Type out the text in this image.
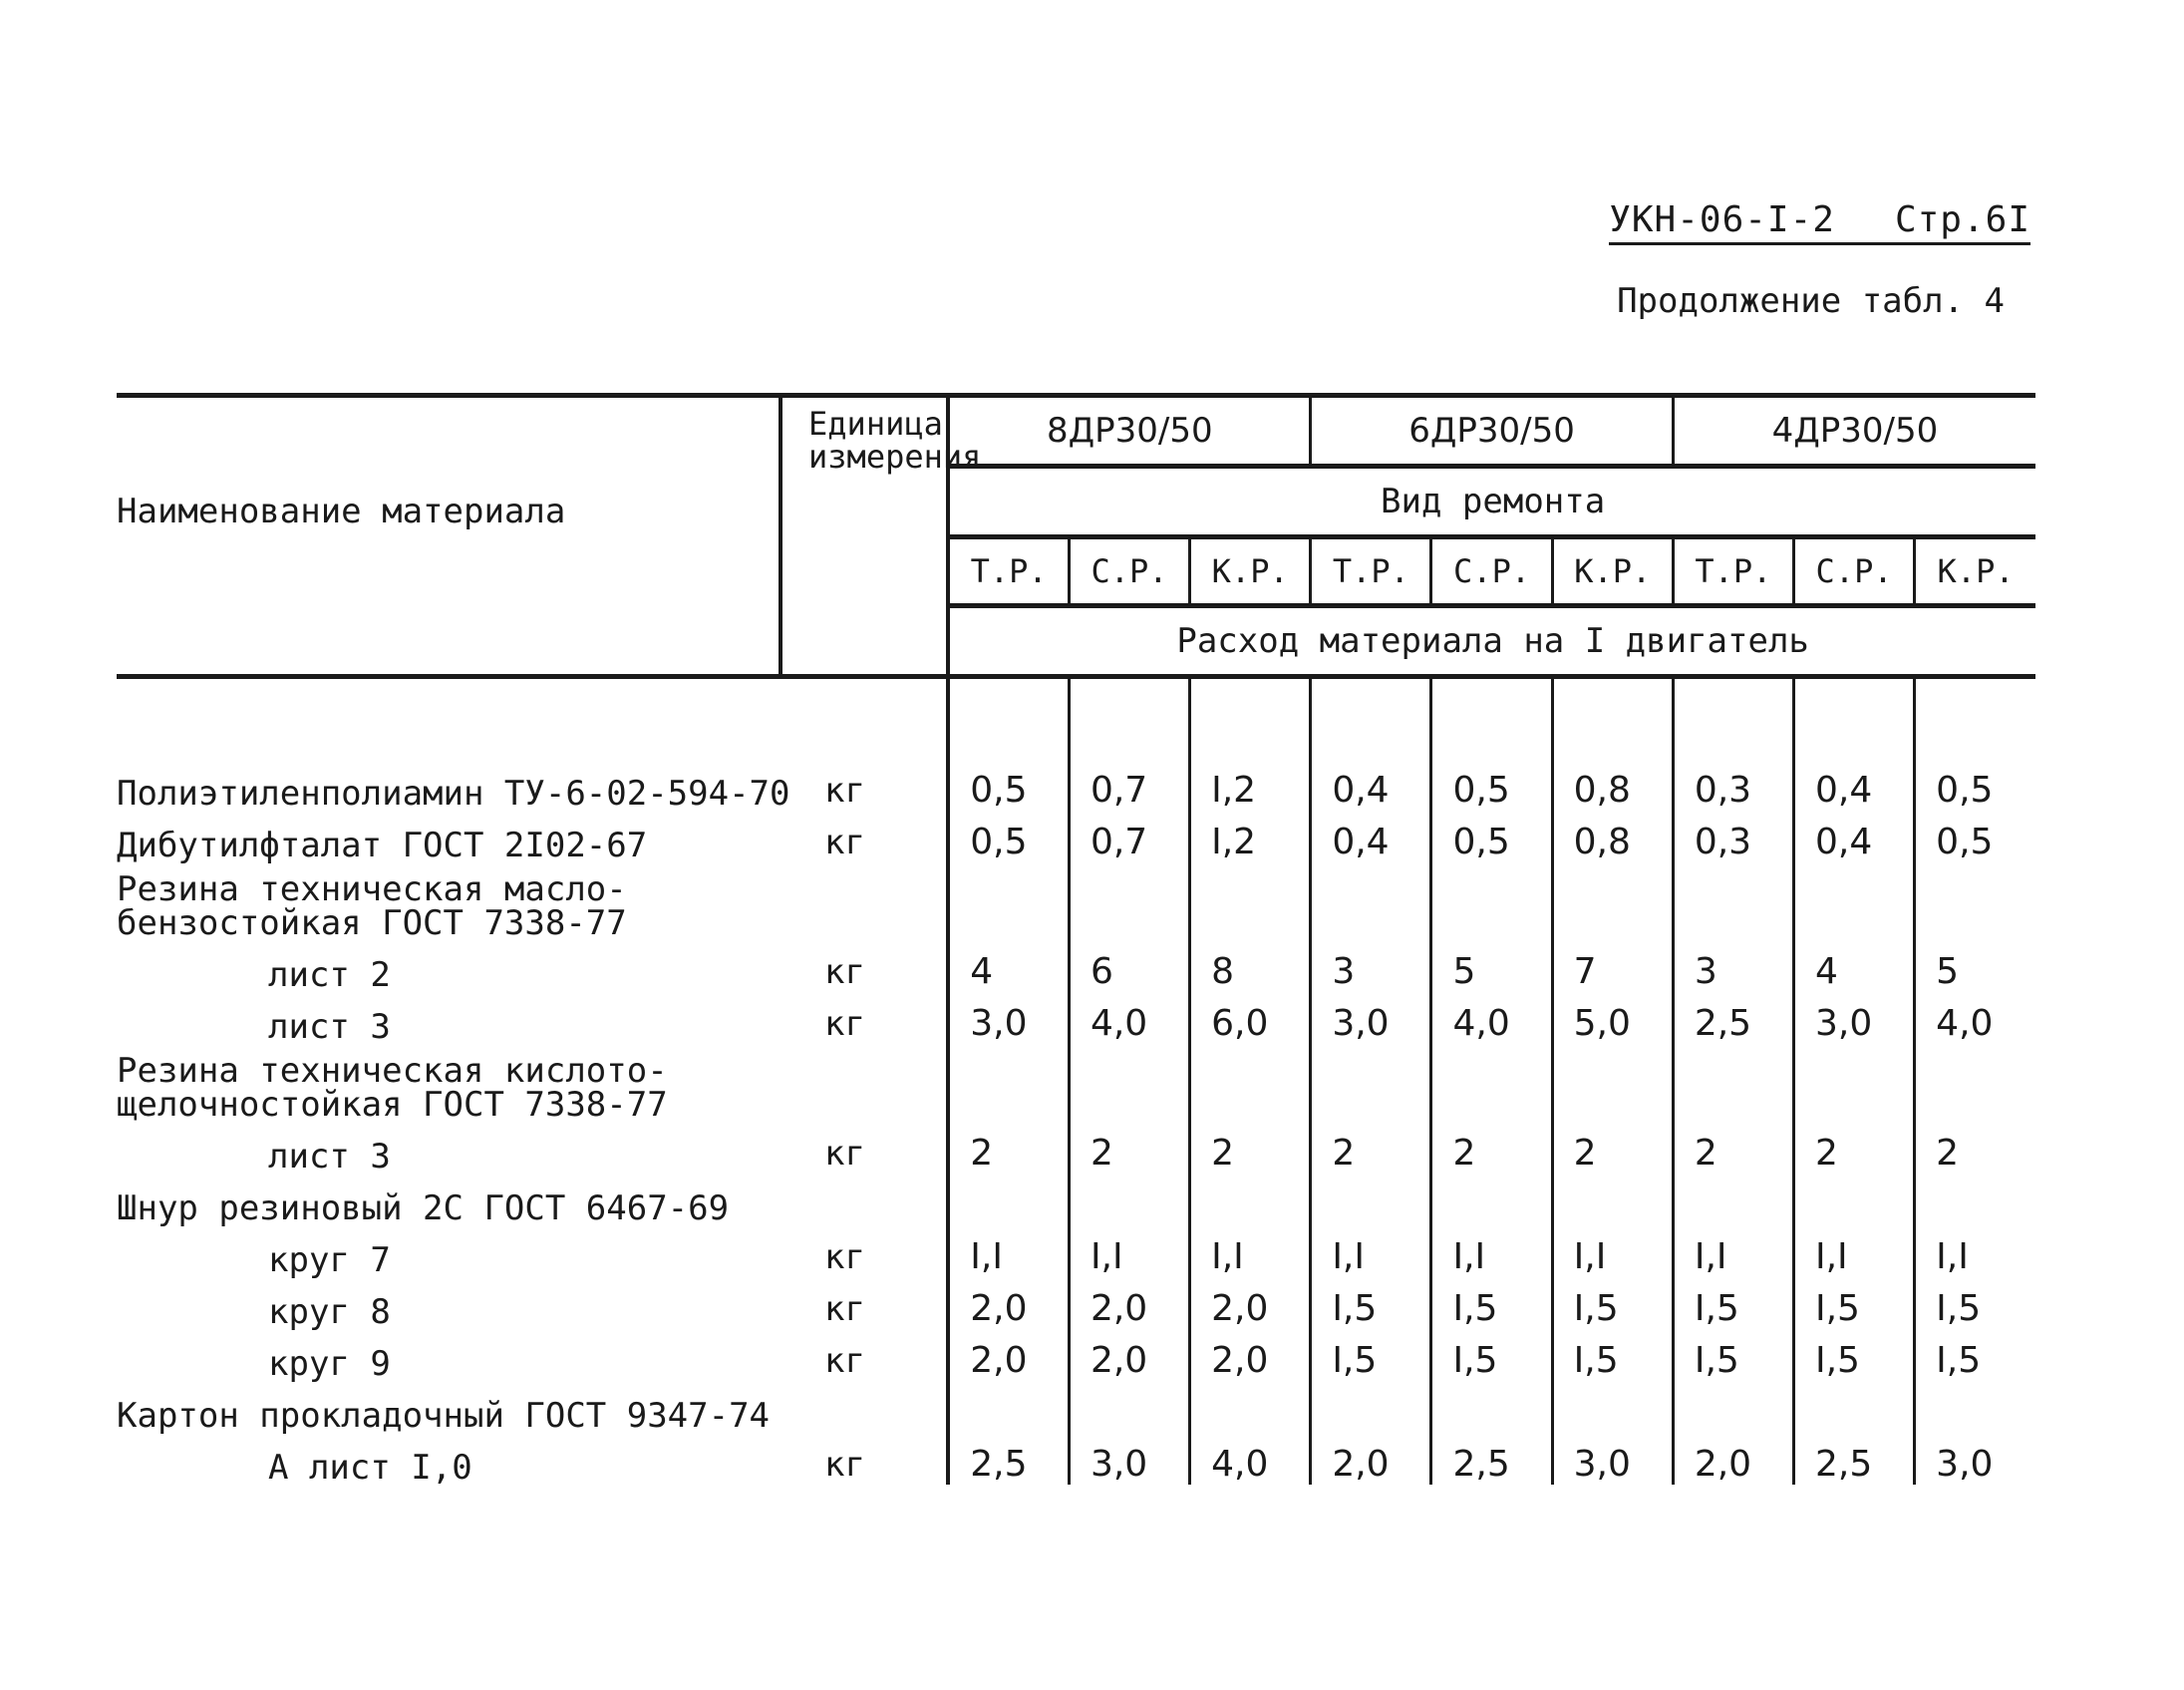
УКН-06-I-2 Стр.6I
Продолжение табл. 4
Наименование материала	Единица измерения	8ДР30/50			6ДР30/50			4ДР30/50		
		Вид ремонта								
		Т.Р.	С.Р.	К.Р.	Т.Р.	С.Р.	К.Р.	Т.Р.	С.Р.	К.Р.
		Расход материала на I двигатель								

Полиэтиленполиамин ТУ-6-02-594-70	кг	0,5	0,7	I,2	0,4	0,5	0,8	0,3	0,4	0,5
Дибутилфталат ГОСТ 2I02-67	кг	0,5	0,7	I,2	0,4	0,5	0,8	0,3	0,4	0,5
Резина техническая масло-бензостойкая ГОСТ 7338-77										
лист 2	кг	4	6	8	3	5	7	3	4	5
лист 3	кг	3,0	4,0	6,0	3,0	4,0	5,0	2,5	3,0	4,0
Резина техническая кислото-щелочностойкая ГОСТ 7338-77										
лист 3	кг	2	2	2	2	2	2	2	2	2
Шнур резиновый 2С ГОСТ 6467-69										
круг 7	кг	I,I	I,I	I,I	I,I	I,I	I,I	I,I	I,I	I,I
круг 8	кг	2,0	2,0	2,0	I,5	I,5	I,5	I,5	I,5	I,5
круг 9	кг	2,0	2,0	2,0	I,5	I,5	I,5	I,5	I,5	I,5
Картон прокладочный ГОСТ 9347-74										
А лист I,0	кг	2,5	3,0	4,0	2,0	2,5	3,0	2,0	2,5	3,0
